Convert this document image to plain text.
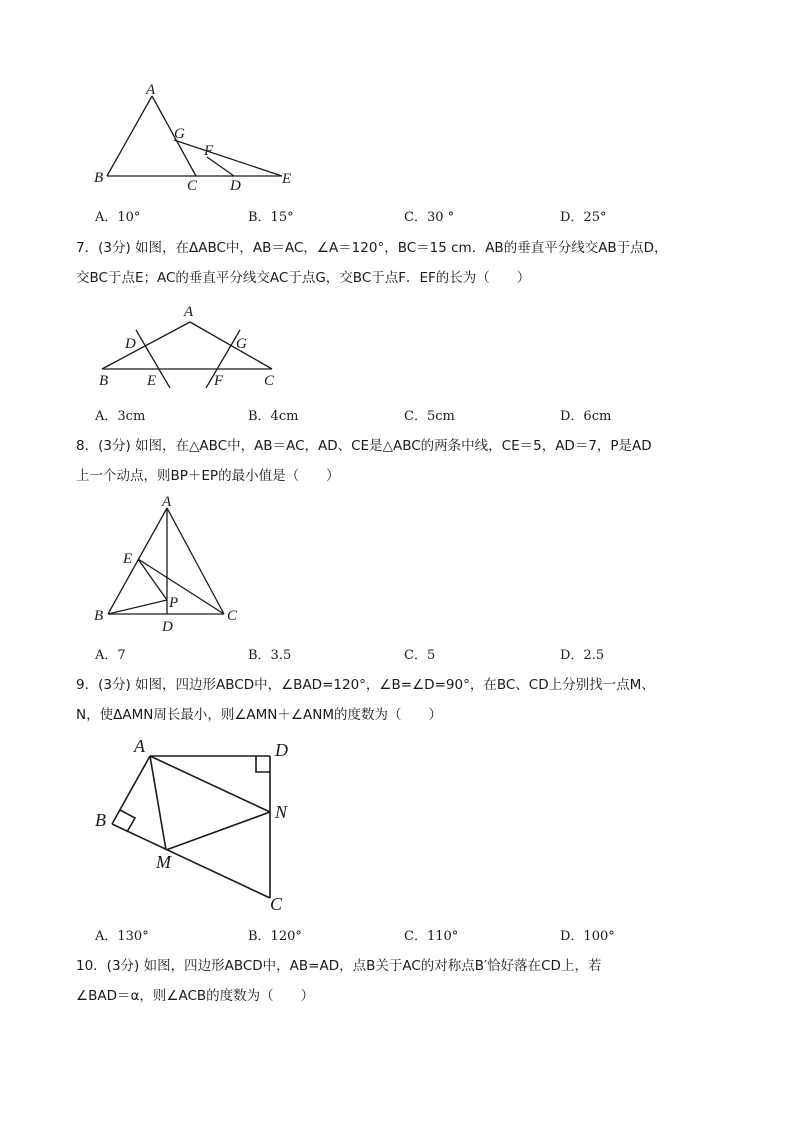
A
B	C
G
F
D	E
A．10°	B．15°	C．30 °	D．25°

7．(3分) 如图，在ΔABC中，AB＝AC，∠A＝120°，BC＝15 cm．AB的垂直平分线交AB于点D，

交BC于点E；AC的垂直平分线交AC于点G，交BC于点F．EF的长为（　　）

A
D	G
B	E	F	C
A．3cm	B．4cm	C．5cm	D．6cm

8．(3分) 如图，在△ABC中，AB＝AC，AD、CE是△ABC的两条中线，CE＝5，AD＝7，P是AD

上一个动点，则BP＋EP的最小值是（　　）

A
E
P
B
D
C
A．7	B．3.5	C．5	D．2.5

9．(3分) 如图，四边形ABCD中，∠BAD=120°，∠B=∠D=90°，在BC、CD上分别找一点M、

N，使ΔAMN周长最小，则∠AMN＋∠ANM的度数为（　　）

A	D
B	N
M
C
A．130°	B．120°	C．110°	D．100°

10．(3分) 如图，四边形ABCD中，AB=AD，点B关于AC的对称点B′恰好落在CD上，若

∠BAD＝α，则∠ACB的度数为（　　）
